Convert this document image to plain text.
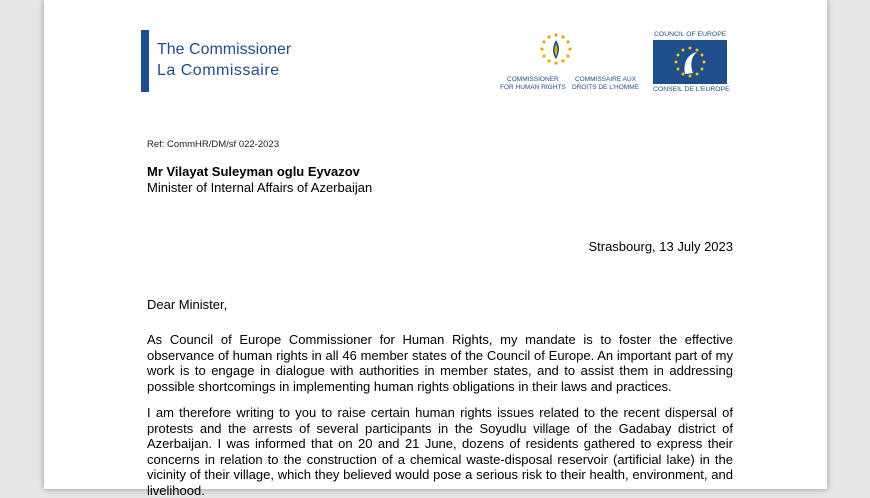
The Commissioner
La Commissaire
COMMISSIONER
FOR HUMAN RIGHTS
COMMISSAIRE AUX
DROITS DE L'HOMME
COUNCIL OF EUROPE
CONSEIL DE L'EUROPE
Ref: CommHR/DM/sf 022-2023
Mr Vilayat Suleyman oglu Eyvazov
Minister of Internal Affairs of Azerbaijan
Strasbourg, 13 July 2023
Dear Minister,

As Council of Europe Commissioner for Human Rights, my mandate is to foster the effective observance of human rights in all 46 member states of the Council of Europe. An important part of my work is to engage in dialogue with authorities in member states, and to assist them in addressing possible shortcomings in implementing human rights obligations in their laws and practices.

I am therefore writing to you to raise certain human rights issues related to the recent dispersal of protests and the arrests of several participants in the Soyudlu village of the Gadabay district of Azerbaijan. I was informed that on 20 and 21 June, dozens of residents gathered to express their concerns in relation to the construction of a chemical waste-disposal reservoir (artificial lake) in the vicinity of their village, which they believed would pose a serious risk to their health, environment, and livelihood.
